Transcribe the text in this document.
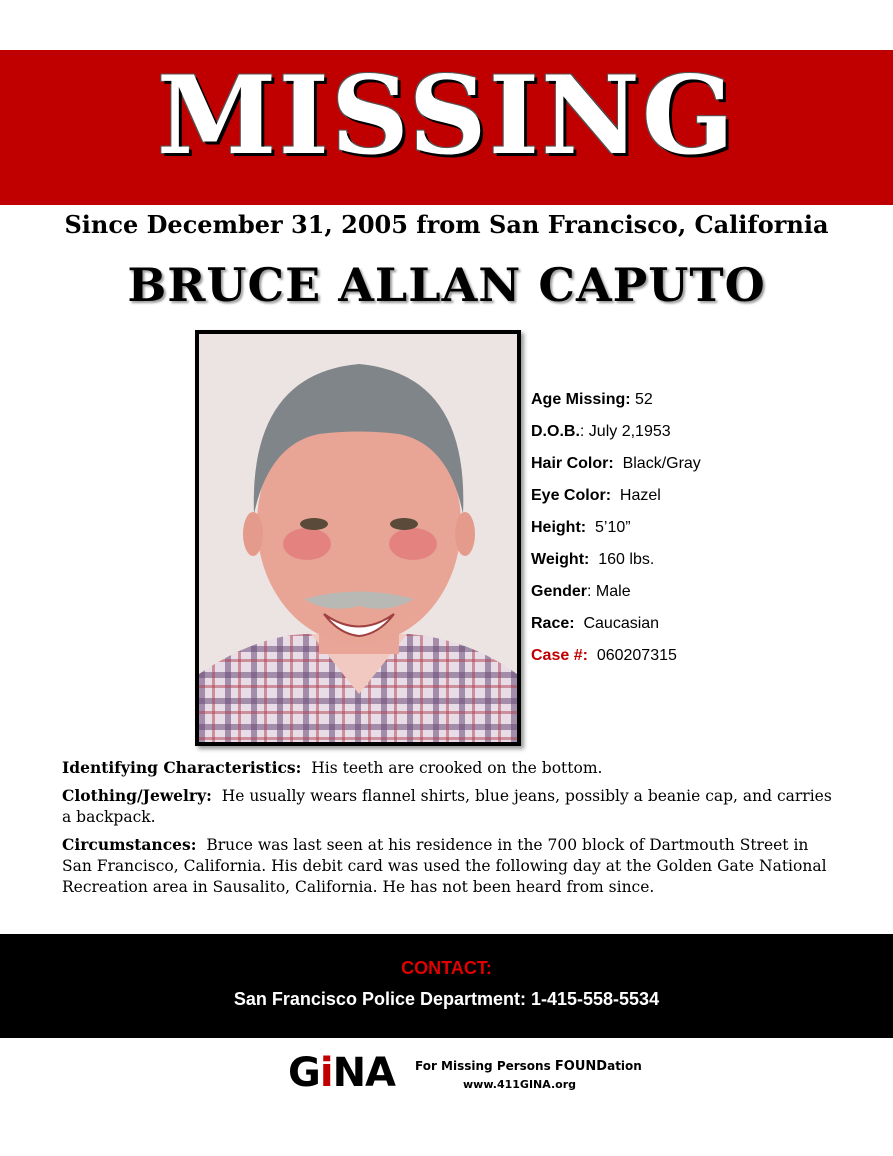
MISSING
Since December 31, 2005 from San Francisco, California
BRUCE ALLAN CAPUTO
Age Missing: 52
D.O.B.: July 2,1953
Hair Color: Black/Gray
Eye Color: Hazel
Height: 5’10”
Weight: 160 lbs.
Gender: Male
Race: Caucasian
Case #: 060207315

Identifying Characteristics: His teeth are crooked on the bottom.

Clothing/Jewelry: He usually wears flannel shirts, blue jeans, possibly a beanie cap, and carries a backpack.

Circumstances: Bruce was last seen at his residence in the 700 block of Dartmouth Street in San Francisco, California. His debit card was used the following day at the Golden Gate National Recreation area in Sausalito, California. He has not been heard from since.

CONTACT:
San Francisco Police Department: 1-415-558-5534
GiNA For Missing Persons FOUNDation
www.411GINA.org
